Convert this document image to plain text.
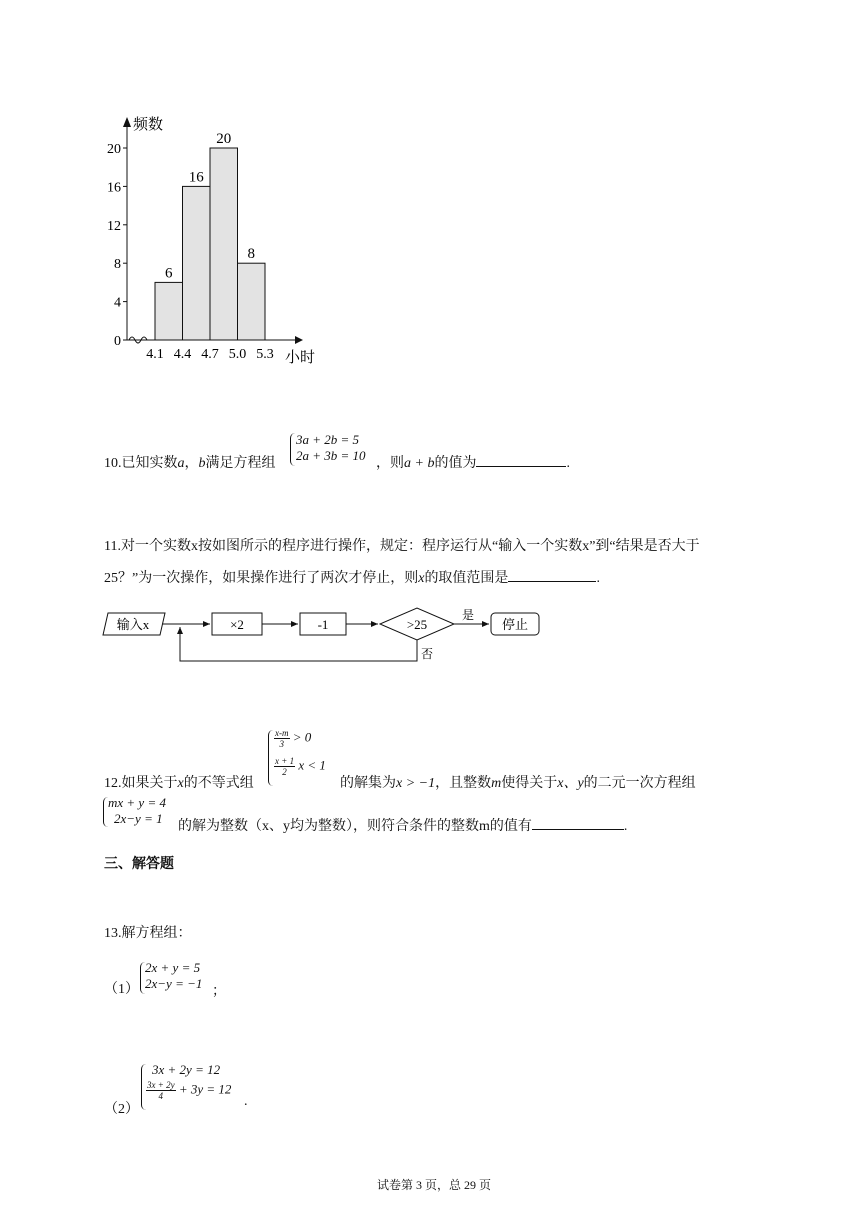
0
4
8
12
16
20
频数
6
16
20
8
4.1 4.4 4.7 5.0 5.3 小时
10.已知实数a，b满足方程组
3a + 2b = 5
2a + 3b = 10
，则a + b的值为	.
11.对一个实数x按如图所示的程序进行操作，规定：程序运行从“输入一个实数x”到“结果是否大于
25？”为一次操作，如果操作进行了两次才停止，则x的取值范围是	.
输入x	×2	-1	>25
是
停止
否
12.如果关于x的不等式组
$\frac{x-m}{3} > 0$
$\frac{x + 1}{2}$ x < 1
的解集为x > −1，且整数m使得关于x、y的二元一次方程组
mx + y = 4
2x−y = 1
的解为整数（x、y均为整数），则符合条件的整数m的值有	.
三、解答题
13.解方程组：
（1）
2x + y = 5
2x−y = −1
；
（2）
3x + 2y = 12
$\frac{3x + 2y}{4} + 3y = 12$
.
试卷第 3 页，总 29 页
